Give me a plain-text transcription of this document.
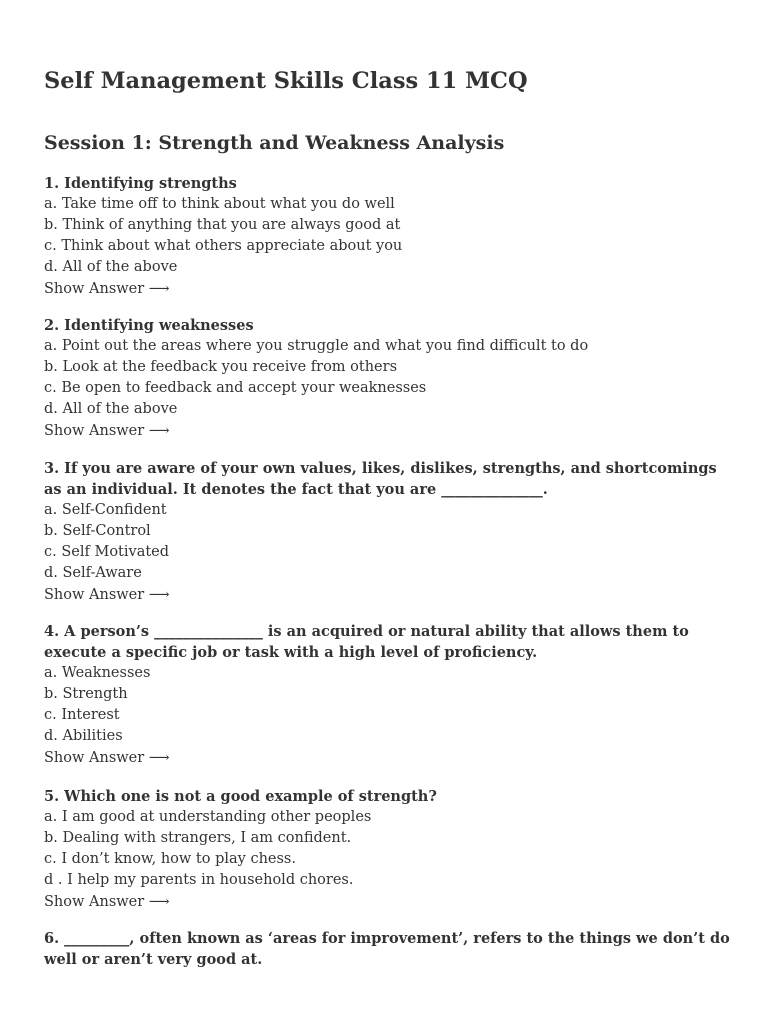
Self Management Skills Class 11 MCQ
Session 1: Strength and Weakness Analysis

1. Identifying strengths

a. Take time off to think about what you do well

b. Think of anything that you are always good at

c. Think about what others appreciate about you

d. All of the above

Show Answer ⟶

2. Identifying weaknesses

a. Point out the areas where you struggle and what you find difficult to do

b. Look at the feedback you receive from others

c. Be open to feedback and accept your weaknesses

d. All of the above

Show Answer ⟶

3. If you are aware of your own values, likes, dislikes, strengths, and shortcomings as an individual. It denotes the fact that you are ______________.

a. Self-Confident

b. Self-Control

c. Self Motivated

d. Self-Aware

Show Answer ⟶

4. A person’s _______________ is an acquired or natural ability that allows them to execute a specific job or task with a high level of proficiency.

a. Weaknesses

b. Strength

c. Interest

d. Abilities

Show Answer ⟶

5. Which one is not a good example of strength?

a. I am good at understanding other peoples

b. Dealing with strangers, I am confident.

c. I don’t know, how to play chess.

d . I help my parents in household chores.

Show Answer ⟶

6. _________, often known as ‘areas for improvement’, refers to the things we don’t do well or aren’t very good at.
